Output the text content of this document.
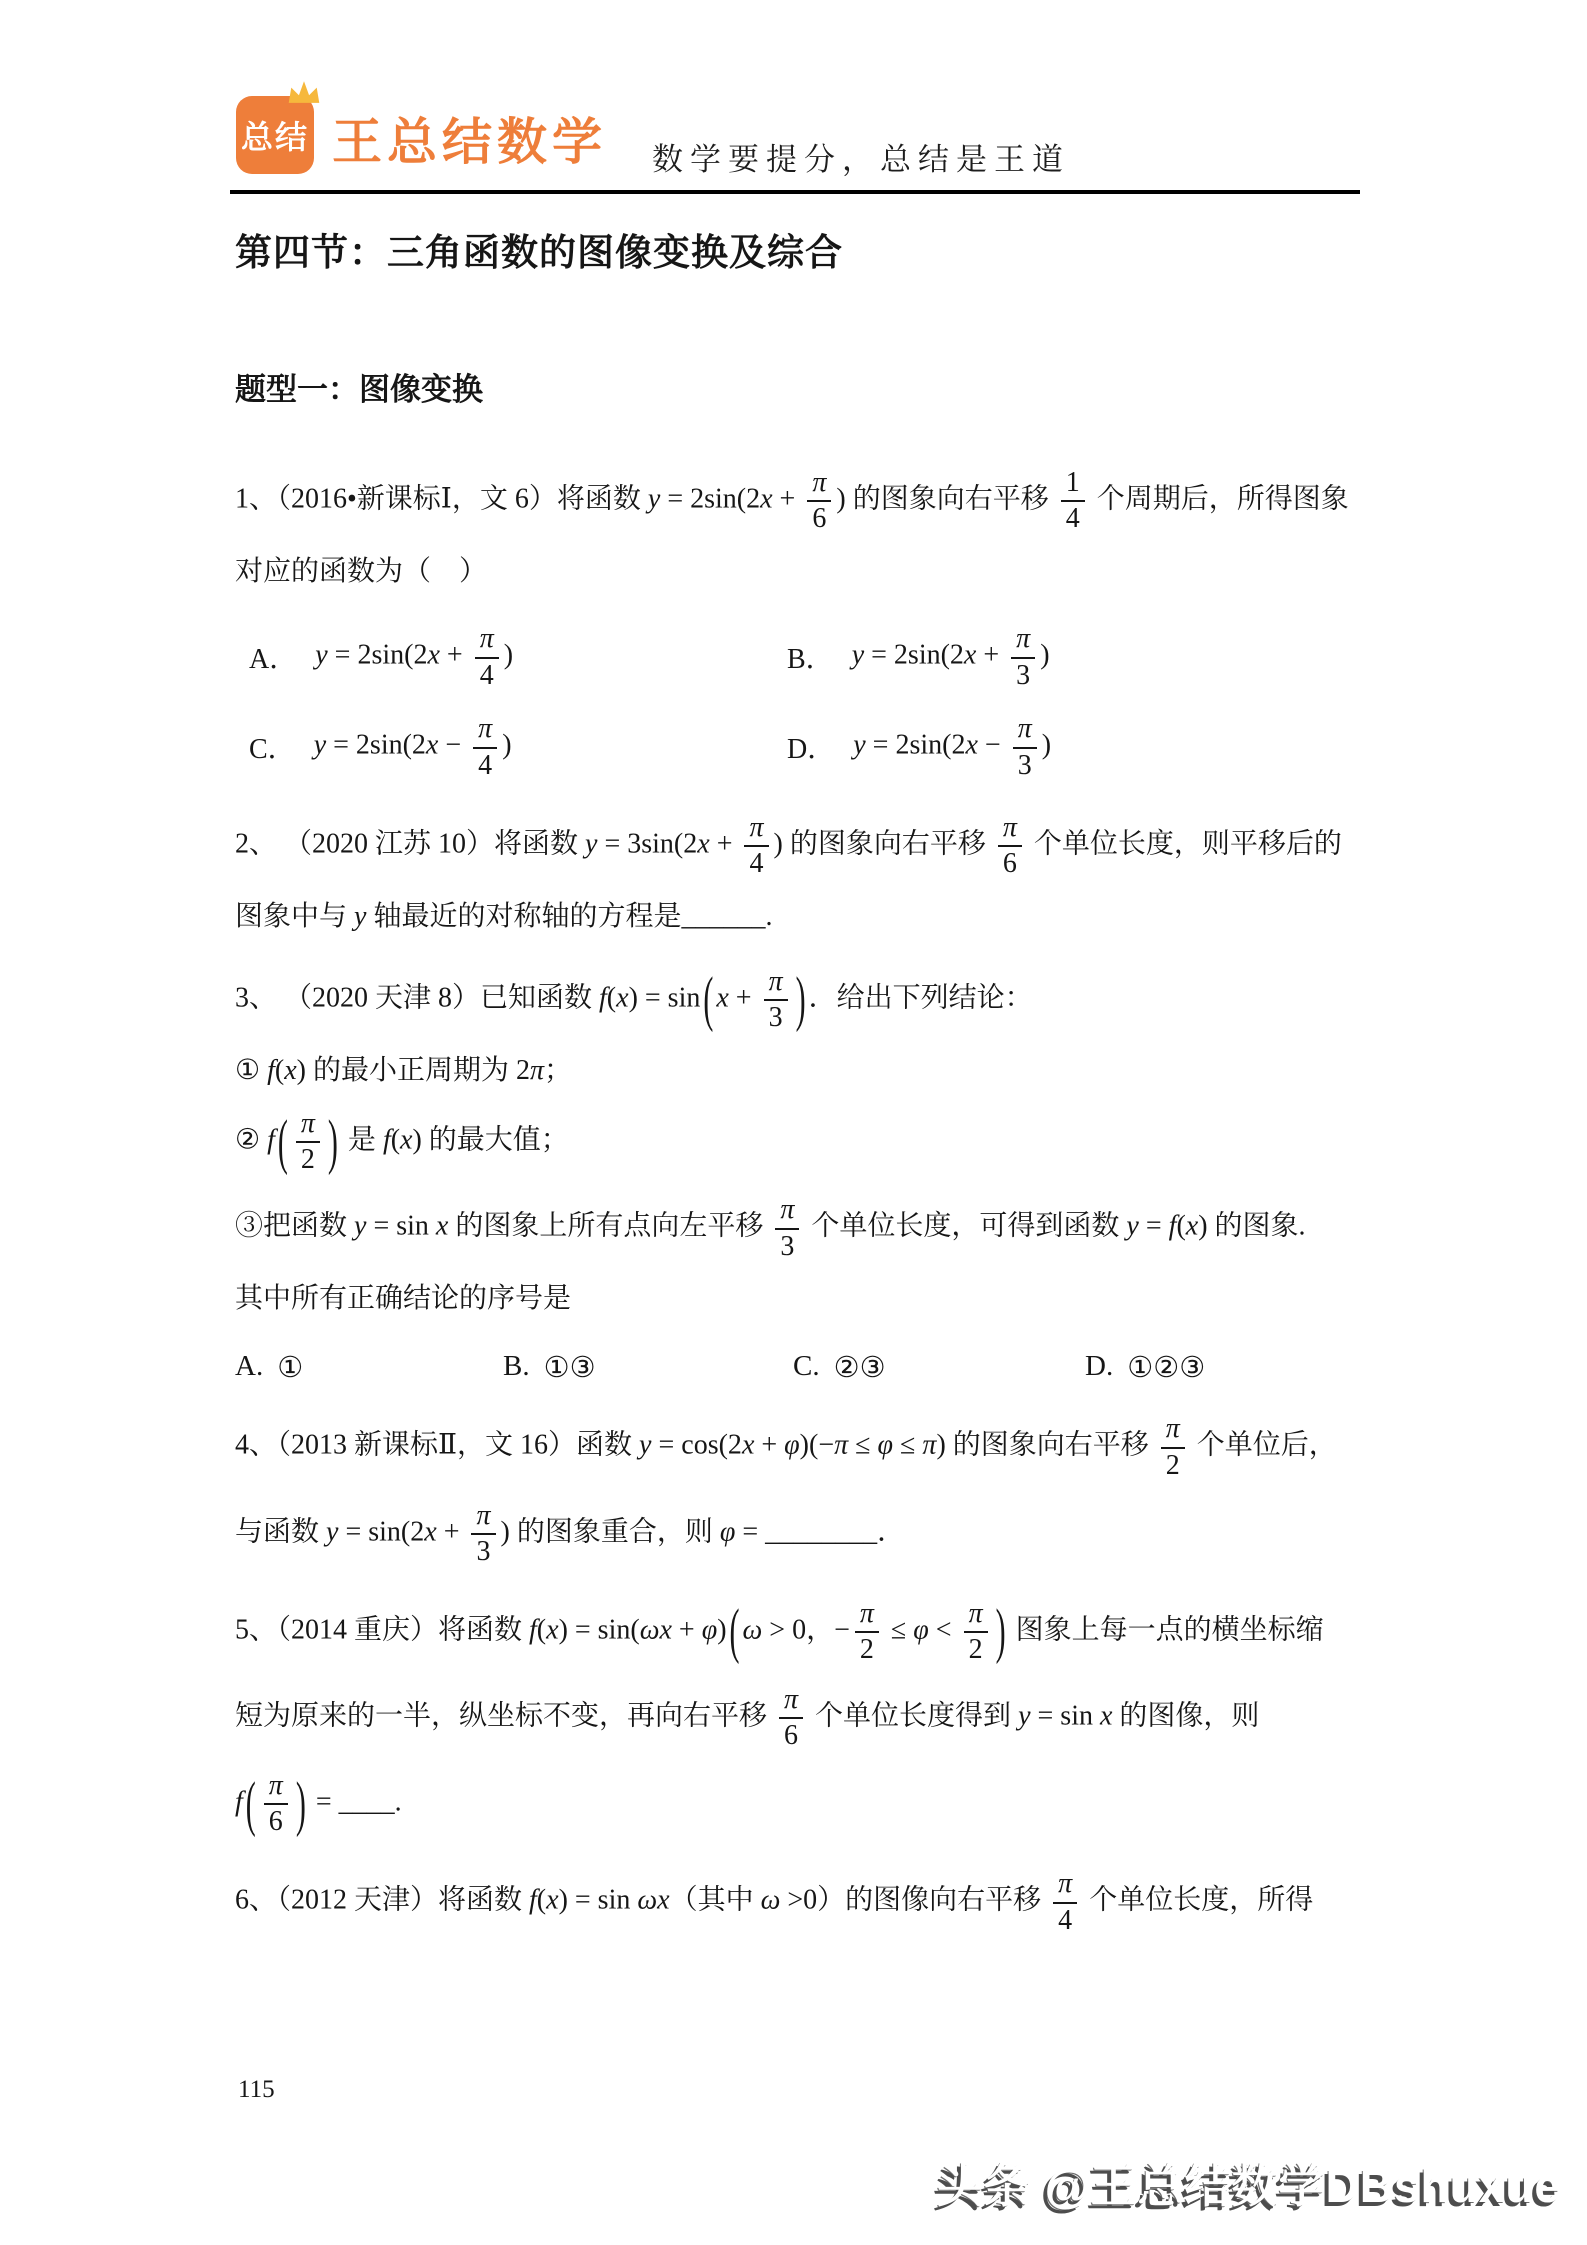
总结 王总结数学 数学要提分，总结是王道
第四节：三角函数的图像变换及综合
题型一：图像变换
1、（2016•新课标Ⅰ，文 6）将函数 $y = 2\sin(2x + \frac{\pi}{6}$ ) 的图象向右平移 $\frac{1}{4}$ 个周期后，所得图象
对应的函数为（　）
A． $y = 2\sin(2x + \frac{\pi}{4}$ )	B． $y = 2\sin(2x + \frac{\pi}{3}$ )
C． $y = 2\sin(2x - \frac{\pi}{4}$ )	D． $y = 2\sin(2x - \frac{\pi}{3}$ )
2、 （2020 江苏 10）将函数 $y = 3\sin(2x + \frac{\pi}{4}$ ) 的图象向右平移 $\frac{\pi}{6}$ 个单位长度，则平移后的
图象中与 y 轴最近的对称轴的方程是______.
3、 （2020 天津 8）已知函数 f(x) = sin ( $x + \frac{\pi}{3}$ ) ．给出下列结论：
① f(x) 的最小正周期为 2π；
② f ( $\frac{\pi}{2}$ ) 是 f(x) 的最大值；
③把函数 y = sin x 的图象上所有点向左平移 $\frac{\pi}{3}$ 个单位长度，可得到函数 y = f(x) 的图象.
其中所有正确结论的序号是
A. ①	B. ①③	C. ②③	D. ①②③
4、（2013 新课标Ⅱ，文 16）函数 y = cos(2x + φ)(−π ≤ φ ≤ π) 的图象向右平移 $\frac{\pi}{2}$ 个单位后，
与函数 $y = \sin(2x + \frac{\pi}{3}$ ) 的图象重合，则 φ = ________．
5、（2014 重庆）将函数 f(x) = sin(ωx + φ) ( ω > 0，− $\frac{\pi}{2} \le \varphi < \frac{\pi}{2}$ ) 图象上每一点的横坐标缩
短为原来的一半，纵坐标不变，再向右平移 $\frac{\pi}{6}$ 个单位长度得到 y = sin x 的图像，则
f ( $\frac{\pi}{6}$ ) = ____.
6、（2012 天津）将函数 f(x) = sin ωx（其中 ω >0）的图像向右平移 $\frac{\pi}{4}$ 个单位长度，所得
115
头条 @王总结数学DBshuxue
